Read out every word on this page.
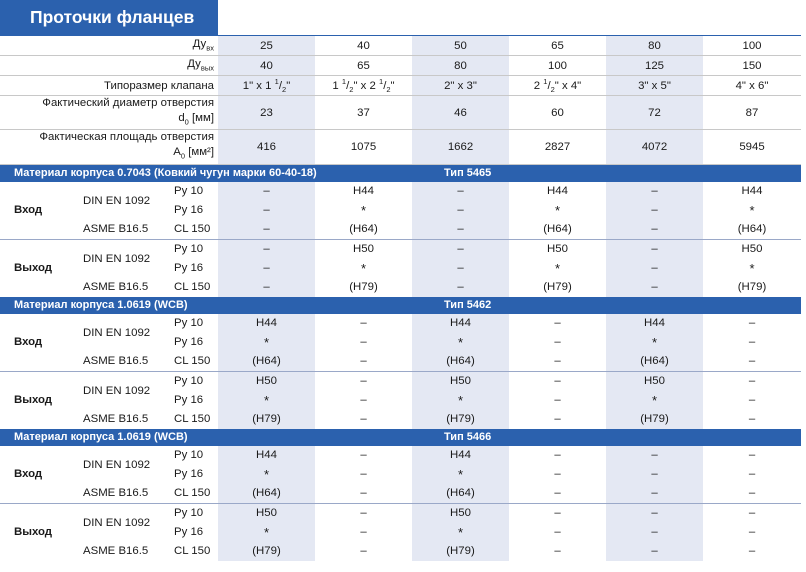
Проточки фланцев
$Ду_{вх}$			25	40	50	65	80	100
$Ду_{вых}$			40	65	80	100	125	150
Типоразмер клапана			1" x 1 $^1/_2$"	1 $^1/_2$" x 2 $^1/_2$"	2" x 3"	2 $^1/_2$" x 4"	3" x 5"	4" x 6"
Фактический диаметр отверстия
$d_0$ [мм]			23	37	46	60	72	87
Фактическая площадь отверстия
$A_0$ [мм²]			416	1075	1662	2827	4072	5945
Материал корпуса 0.7043 (Ковкий чугун марки 60-40-18)					Тип 5465			
Вход	DIN EN 1092	Ру 10	–	H44	–	H44	–	H44
		Ру 16	–	*	–	*	–	*
	ASME B16.5	CL 150	–	(H64)	–	(H64)	–	(H64)
Выход	DIN EN 1092	Ру 10	–	H50	–	H50	–	H50
		Ру 16	–	*	–	*	–	*
	ASME B16.5	CL 150	–	(H79)	–	(H79)	–	(H79)
Материал корпуса 1.0619 (WCB)					Тип 5462			
Вход	DIN EN 1092	Ру 10	H44	–	H44	–	H44	–
		Ру 16	*	–	*	–	*	–
	ASME B16.5	CL 150	(H64)	–	(H64)	–	(H64)	–
Выход	DIN EN 1092	Ру 10	H50	–	H50	–	H50	–
		Ру 16	*	–	*	–	*	–
	ASME B16.5	CL 150	(H79)	–	(H79)	–	(H79)	–
Материал корпуса 1.0619 (WCB)					Тип 5466			
Вход	DIN EN 1092	Ру 10	H44	–	H44	–	–	–
		Ру 16	*	–	*	–	–	–
	ASME B16.5	CL 150	(H64)	–	(H64)	–	–	–
Выход	DIN EN 1092	Ру 10	H50	–	H50	–	–	–
		Ру 16	*	–	*	–	–	–
	ASME B16.5	CL 150	(H79)	–	(H79)	–	–	–
